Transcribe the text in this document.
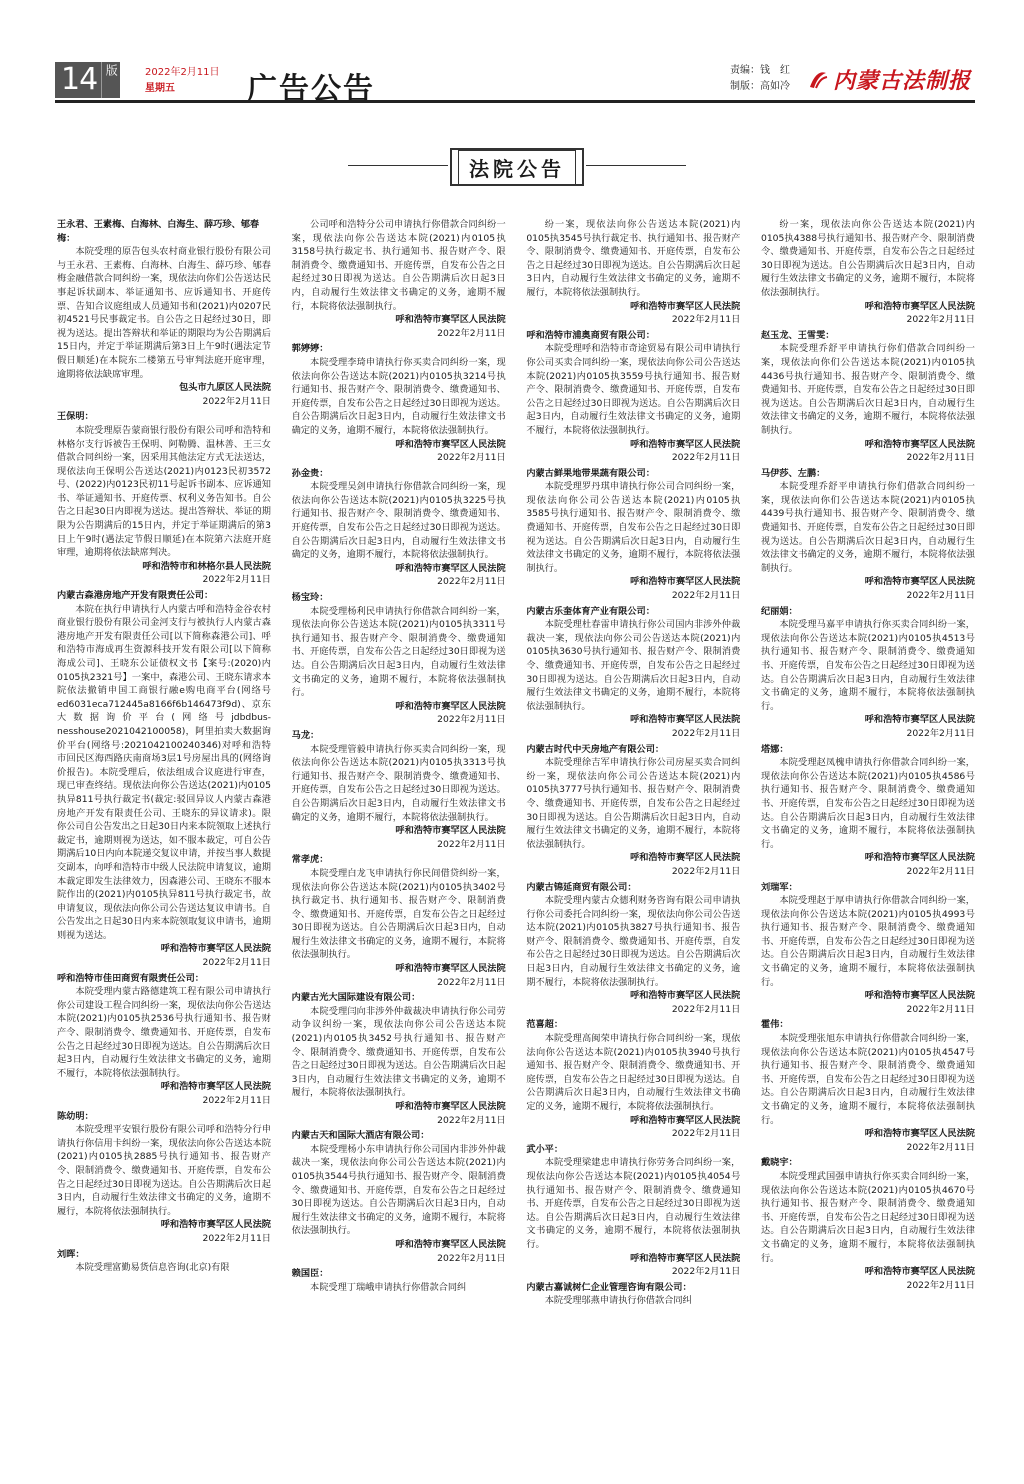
14 版	2022年2月11日
星期五	广告公告
责编：钱　红
制版：高如冷 内蒙古法制报
法院公告

王永君、王素梅、白海林、白海生、薛巧珍、郇春梅：

本院受理的原告包头农村商业银行股份有限公司与王永君、王素梅、白海林、白海生、薛巧珍、郇春梅金融借款合同纠纷一案，现依法向你们公告送达民事起诉状副本、举证通知书、应诉通知书、开庭传票、告知合议庭组成人员通知书和(2021)内0207民初4521号民事裁定书。自公告之日起经过30日，即视为送达。提出答辩状和举证的期限均为公告期满后15日内，并定于举证期满后第3日上午9时(遇法定节假日顺延)在本院东二楼第五号审判法庭开庭审理，逾期将依法缺席审理。

包头市九原区人民法院

2022年2月11日

王保明：

本院受理原告蒙商银行股份有限公司呼和浩特和林格尔支行诉被告王保明、阿勒腾、温林善、王三女借款合同纠纷一案，因采用其他法定方式无法送达，现依法向王保明公告送达(2021)内0123民初3572号、(2022)内0123民初11号起诉书副本、应诉通知书、举证通知书、开庭传票、权利义务告知书。自公告之日起30日内即视为送达。提出答辩状、举证的期限为公告期满后的15日内，并定于举证期满后的第3日上午9时(遇法定节假日顺延)在本院第六法庭开庭审理，逾期将依法缺席判决。

呼和浩特市和林格尔县人民法院

2022年2月11日

内蒙古森港房地产开发有限责任公司：

本院在执行申请执行人内蒙古呼和浩特金谷农村商业银行股份有限公司金河支行与被执行人内蒙古森港房地产开发有限责任公司[以下简称森港公司]、呼和浩特市海成再生资源科技开发有限公司[以下简称海成公司]、王晓东公证债权文书【案号:(2020)内0105执2321号】一案中，森港公司、王晓东请求本院依法撤销申国工商银行融e购电商平台(网络号ed6031eca712445a8166f6b146473f9d)、京东大数据询价平台(网络号jdbdbus-nesshouse2021042100058)，阿里拍卖大数据询价平台(网络号:2021042100240346)对呼和浩特市回民区海西路庆南商场3层1号房屋出具的(网络询价报告)。本院受理后，依法组成合议庭进行审查，现已审查终结。现依法向你公告送达(2021)内0105执异811号执行裁定书(裁定:驳回异议人内蒙古森港房地产开发有限责任公司、王晓东的异议请求)。限你公司自公告发出之日起30日内来本院领取上述执行裁定书，逾期则视为送达，如不服本裁定，可自公告期满后10日内向本院递交复议申请，并按当事人数提交副本，向呼和浩特市中级人民法院申请复议，逾期本裁定即发生法律效力，因森港公司、王晓东不服本院作出的(2021)内0105执异811号执行裁定书，故申请复议，现依法向你公司公告送达复议申请书。自公告发出之日起30日内来本院领取复议申请书，逾期则视为送达。

呼和浩特市赛罕区人民法院

2022年2月11日

呼和浩特市佳田商贸有限责任公司：

本院受理内蒙古路德建筑工程有限公司申请执行你公司建设工程合同纠纷一案，现依法向你公告送达本院(2021)内0105执2536号执行通知书、报告财产令、限制消费令、缴费通知书、开庭传票，自发布公告之日起经过30日即视为送达。自公告期满后次日起3日内，自动履行生效法律文书确定的义务，逾期不履行，本院将依法强制执行。

呼和浩特市赛罕区人民法院

2022年2月11日

陈幼明：

本院受理平安银行股份有限公司呼和浩特分行申请执行你信用卡纠纷一案，现依法向你公告送达本院(2021)内0105执2885号执行通知书、报告财产令、限制消费令、缴费通知书、开庭传票，自发布公告之日起经过30日即视为送达。自公告期满后次日起3日内，自动履行生效法律文书确定的义务，逾期不履行，本院将依法强制执行。

呼和浩特市赛罕区人民法院

2022年2月11日

刘晖：

本院受理富勤易货信息咨询(北京)有限

公司呼和浩特分公司申请执行你借款合同纠纷一案，现依法向你公告送达本院(2021)内0105执3158号执行裁定书、执行通知书、报告财产令、限制消费令、缴费通知书、开庭传票，自发布公告之日起经过30日即视为送达。自公告期满后次日起3日内，自动履行生效法律文书确定的义务，逾期不履行，本院将依法强制执行。

呼和浩特市赛罕区人民法院

2022年2月11日

郭婷婷：

本院受理李琦申请执行你买卖合同纠纷一案，现依法向你公告送达本院(2021)内0105执3214号执行通知书、报告财产令、限制消费令、缴费通知书、开庭传票，自发布公告之日起经过30日即视为送达。自公告期满后次日起3日内，自动履行生效法律文书确定的义务，逾期不履行，本院将依法强制执行。

呼和浩特市赛罕区人民法院

2022年2月11日

孙金贵：

本院受理吴剑申请执行你借款合同纠纷一案，现依法向你公告送达本院(2021)内0105执3225号执行通知书、报告财产令、限制消费令、缴费通知书、开庭传票，自发布公告之日起经过30日即视为送达。自公告期满后次日起3日内，自动履行生效法律文书确定的义务，逾期不履行，本院将依法强制执行。

呼和浩特市赛罕区人民法院

2022年2月11日

杨宝玲：

本院受理杨利民申请执行你借款合同纠纷一案，现依法向你公告送达本院(2021)内0105执3311号执行通知书、报告财产令、限制消费令、缴费通知书、开庭传票，自发布公告之日起经过30日即视为送达。自公告期满后次日起3日内，自动履行生效法律文书确定的义务，逾期不履行，本院将依法强制执行。

呼和浩特市赛罕区人民法院

2022年2月11日

马龙：

本院受理管毅申请执行你买卖合同纠纷一案，现依法向你公告送达本院(2021)内0105执3313号执行通知书、报告财产令、限制消费令、缴费通知书、开庭传票，自发布公告之日起经过30日即视为送达。自公告期满后次日起3日内，自动履行生效法律文书确定的义务，逾期不履行，本院将依法强制执行。

呼和浩特市赛罕区人民法院

2022年2月11日

常孝虎：

本院受理白龙飞申请执行你民间借贷纠纷一案，现依法向你公告送达本院(2021)内0105执3402号执行裁定书、执行通知书、报告财产令、限制消费令、缴费通知书、开庭传票，自发布公告之日起经过30日即视为送达。自公告期满后次日起3日内，自动履行生效法律文书确定的义务，逾期不履行，本院将依法强制执行。

呼和浩特市赛罕区人民法院

2022年2月11日

内蒙古光大国际建设有限公司：

本院受理闫向非涉外仲裁裁决申请执行你公司劳动争议纠纷一案，现依法向你公司公告送达本院(2021)内0105执3452号执行通知书、报告财产令、限制消费令、缴费通知书、开庭传票，自发布公告之日起经过30日即视为送达。自公告期满后次日起3日内，自动履行生效法律文书确定的义务，逾期不履行，本院将依法强制执行。

呼和浩特市赛罕区人民法院

2022年2月11日

内蒙古天和国际大酒店有限公司：

本院受理杨小东申请执行你公司国内非涉外仲裁裁决一案，现依法向你公司公告送达本院(2021)内0105执3544号执行通知书、报告财产令、限制消费令、缴费通知书、开庭传票，自发布公告之日起经过30日即视为送达。自公告期满后次日起3日内，自动履行生效法律文书确定的义务，逾期不履行，本院将依法强制执行。

呼和浩特市赛罕区人民法院

2022年2月11日

赖国臣：

本院受理丁瑞峨申请执行你借款合同纠

纷一案，现依法向你公告送达本院(2021)内0105执3545号执行裁定书、执行通知书、报告财产令、限制消费令、缴费通知书、开庭传票，自发布公告之日起经过30日即视为送达。自公告期满后次日起3日内，自动履行生效法律文书确定的义务，逾期不履行，本院将依法强制执行。

呼和浩特市赛罕区人民法院

2022年2月11日

呼和浩特市浦奥商贸有限公司：

本院受理呼和浩特市奇途贸易有限公司申请执行你公司买卖合同纠纷一案，现依法向你公司公告送达本院(2021)内0105执3559号执行通知书、报告财产令、限制消费令、缴费通知书、开庭传票，自发布公告之日起经过30日即视为送达。自公告期满后次日起3日内，自动履行生效法律文书确定的义务，逾期不履行，本院将依法强制执行。

呼和浩特市赛罕区人民法院

2022年2月11日

内蒙古鲜果地带果蔬有限公司：

本院受理罗丹琪申请执行你公司合同纠纷一案，现依法向你公司公告送达本院(2021)内0105执3585号执行通知书、报告财产令、限制消费令、缴费通知书、开庭传票，自发布公告之日起经过30日即视为送达。自公告期满后次日起3日内，自动履行生效法律文书确定的义务，逾期不履行，本院将依法强制执行。

呼和浩特市赛罕区人民法院

2022年2月11日

内蒙古乐奎体育产业有限公司：

本院受理杜春雷申请执行你公司国内非涉外仲裁裁决一案，现依法向你公司公告送达本院(2021)内0105执3630号执行通知书、报告财产令、限制消费令、缴费通知书、开庭传票，自发布公告之日起经过30日即视为送达。自公告期满后次日起3日内，自动履行生效法律文书确定的义务，逾期不履行，本院将依法强制执行。

呼和浩特市赛罕区人民法院

2022年2月11日

内蒙古时代中天房地产有限公司：

本院受理徐吉军申请执行你公司房屋买卖合同纠纷一案，现依法向你公司公告送达本院(2021)内0105执3777号执行通知书、报告财产令、限制消费令、缴费通知书、开庭传票，自发布公告之日起经过30日即视为送达。自公告期满后次日起3日内，自动履行生效法律文书确定的义务，逾期不履行，本院将依法强制执行。

呼和浩特市赛罕区人民法院

2022年2月11日

内蒙古锦延商贸有限公司：

本院受理内蒙古众德利财务咨询有限公司申请执行你公司委托合同纠纷一案，现依法向你公司公告送达本院(2021)内0105执3827号执行通知书、报告财产令、限制消费令、缴费通知书、开庭传票，自发布公告之日起经过30日即视为送达。自公告期满后次日起3日内，自动履行生效法律文书确定的义务，逾期不履行，本院将依法强制执行。

呼和浩特市赛罕区人民法院

2022年2月11日

范喜超：

本院受理高闽荣申请执行你合同纠纷一案，现依法向你公告送达本院(2021)内0105执3940号执行通知书、报告财产令、限制消费令、缴费通知书、开庭传票，自发布公告之日起经过30日即视为送达。自公告期满后次日起3日内，自动履行生效法律文书确定的义务，逾期不履行，本院将依法强制执行。

呼和浩特市赛罕区人民法院

2022年2月11日

武小平：

本院受理梁建忠申请执行你劳务合同纠纷一案，现依法向你公告送达本院(2021)内0105执4054号执行通知书、报告财产令、限制消费令、缴费通知书、开庭传票，自发布公告之日起经过30日即视为送达。自公告期满后次日起3日内，自动履行生效法律文书确定的义务，逾期不履行，本院将依法强制执行。

呼和浩特市赛罕区人民法院

2022年2月11日

内蒙古嘉诚树仁企业管理咨询有限公司：

本院受理邬燕申请执行你借款合同纠

纷一案，现依法向你公告送达本院(2021)内0105执4388号执行通知书、报告财产令、限制消费令、缴费通知书、开庭传票，自发布公告之日起经过30日即视为送达。自公告期满后次日起3日内，自动履行生效法律文书确定的义务，逾期不履行，本院将依法强制执行。

呼和浩特市赛罕区人民法院

2022年2月11日

赵玉龙、王雪雯：

本院受理乔舒平申请执行你们借款合同纠纷一案，现依法向你们公告送达本院(2021)内0105执4436号执行通知书、报告财产令、限制消费令、缴费通知书、开庭传票，自发布公告之日起经过30日即视为送达。自公告期满后次日起3日内，自动履行生效法律文书确定的义务，逾期不履行，本院将依法强制执行。

呼和浩特市赛罕区人民法院

2022年2月11日

马伊莎、左鹏：

本院受理乔舒平申请执行你们借款合同纠纷一案，现依法向你们公告送达本院(2021)内0105执4439号执行通知书、报告财产令、限制消费令、缴费通知书、开庭传票，自发布公告之日起经过30日即视为送达。自公告期满后次日起3日内，自动履行生效法律文书确定的义务，逾期不履行，本院将依法强制执行。

呼和浩特市赛罕区人民法院

2022年2月11日

纪丽娟：

本院受理马嘉平申请执行你买卖合同纠纷一案，现依法向你公告送达本院(2021)内0105执4513号执行通知书、报告财产令、限制消费令、缴费通知书、开庭传票，自发布公告之日起经过30日即视为送达。自公告期满后次日起3日内，自动履行生效法律文书确定的义务，逾期不履行，本院将依法强制执行。

呼和浩特市赛罕区人民法院

2022年2月11日

塔娜：

本院受理赵凤槐申请执行你借款合同纠纷一案，现依法向你公告送达本院(2021)内0105执4586号执行通知书、报告财产令、限制消费令、缴费通知书、开庭传票，自发布公告之日起经过30日即视为送达。自公告期满后次日起3日内，自动履行生效法律文书确定的义务，逾期不履行，本院将依法强制执行。

呼和浩特市赛罕区人民法院

2022年2月11日

刘瑞军：

本院受理赵于厚申请执行你借款合同纠纷一案，现依法向你公告送达本院(2021)内0105执4993号执行通知书、报告财产令、限制消费令、缴费通知书、开庭传票，自发布公告之日起经过30日即视为送达。自公告期满后次日起3日内，自动履行生效法律文书确定的义务，逾期不履行，本院将依法强制执行。

呼和浩特市赛罕区人民法院

2022年2月11日

霍伟：

本院受理张旭东申请执行你借款合同纠纷一案，现依法向你公告送达本院(2021)内0105执4547号执行通知书、报告财产令、限制消费令、缴费通知书、开庭传票，自发布公告之日起经过30日即视为送达。自公告期满后次日起3日内，自动履行生效法律文书确定的义务，逾期不履行，本院将依法强制执行。

呼和浩特市赛罕区人民法院

2022年2月11日

戴晓宇：

本院受理武国强申请执行你买卖合同纠纷一案，现依法向你公告送达本院(2021)内0105执4670号执行通知书、报告财产令、限制消费令、缴费通知书、开庭传票，自发布公告之日起经过30日即视为送达。自公告期满后次日起3日内，自动履行生效法律文书确定的义务，逾期不履行，本院将依法强制执行。

呼和浩特市赛罕区人民法院

2022年2月11日
